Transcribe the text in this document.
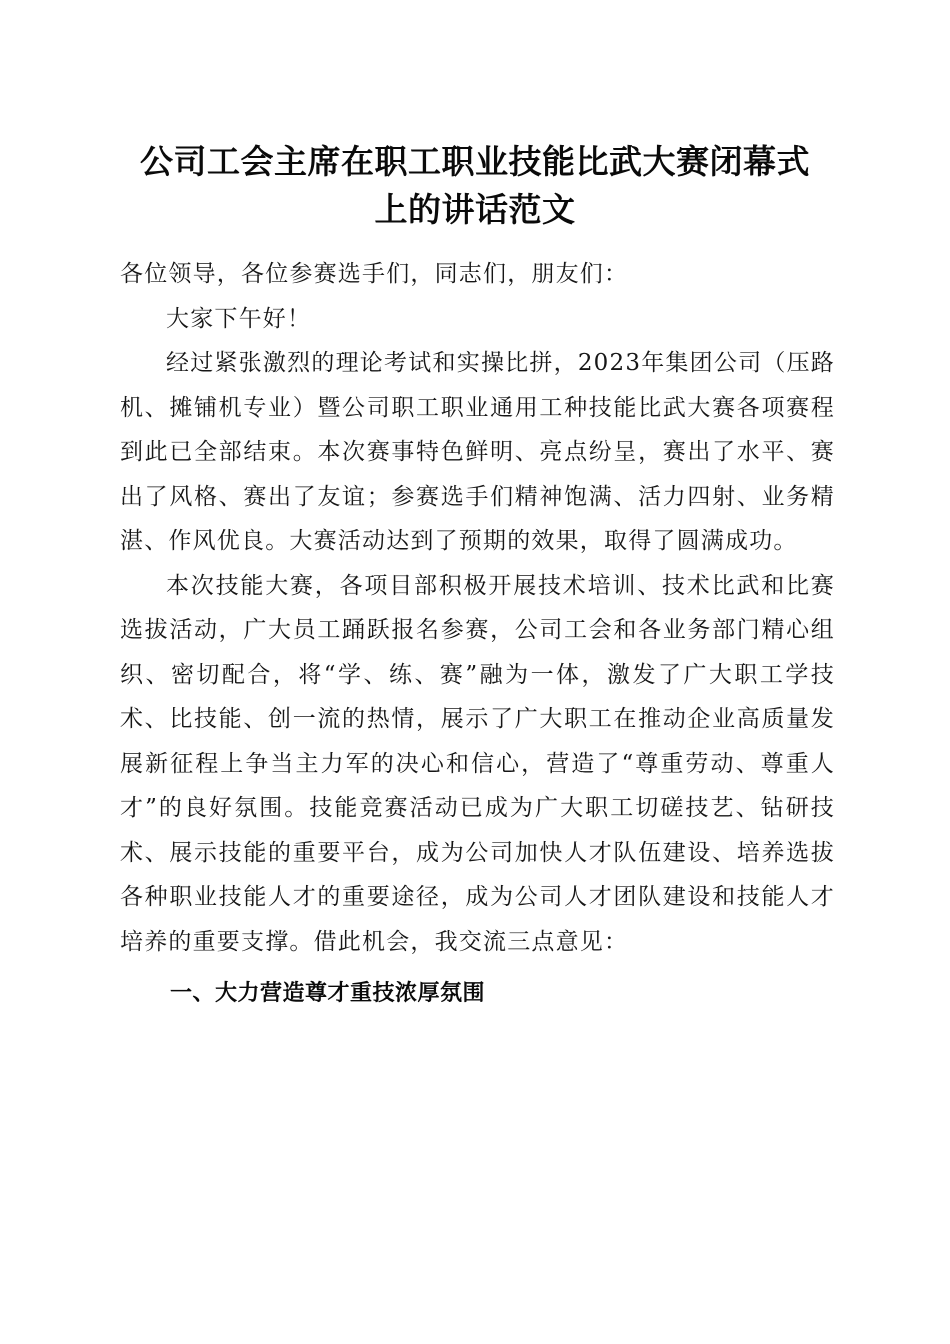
公司工会主席在职工职业技能比武大赛闭幕式
上的讲话范文

各位领导，各位参赛选手们，同志们，朋友们：

大家下午好！

经过紧张激烈的理论考试和实操比拼，2023年集团公司（压路机、摊铺机专业）暨公司职工职业通用工种技能比武大赛各项赛程到此已全部结束。本次赛事特色鲜明、亮点纷呈，赛出了水平、赛出了风格、赛出了友谊；参赛选手们精神饱满、活力四射、业务精湛、作风优良。大赛活动达到了预期的效果，取得了圆满成功。

本次技能大赛，各项目部积极开展技术培训、技术比武和比赛选拔活动，广大员工踊跃报名参赛，公司工会和各业务部门精心组织、密切配合，将“学、练、赛”融为一体，激发了广大职工学技术、比技能、创一流的热情，展示了广大职工在推动企业高质量发展新征程上争当主力军的决心和信心，营造了“尊重劳动、尊重人才”的良好氛围。技能竞赛活动已成为广大职工切磋技艺、钻研技术、展示技能的重要平台，成为公司加快人才队伍建设、培养选拔各种职业技能人才的重要途径，成为公司人才团队建设和技能人才培养的重要支撑。借此机会，我交流三点意见：

一、大力营造尊才重技浓厚氛围
